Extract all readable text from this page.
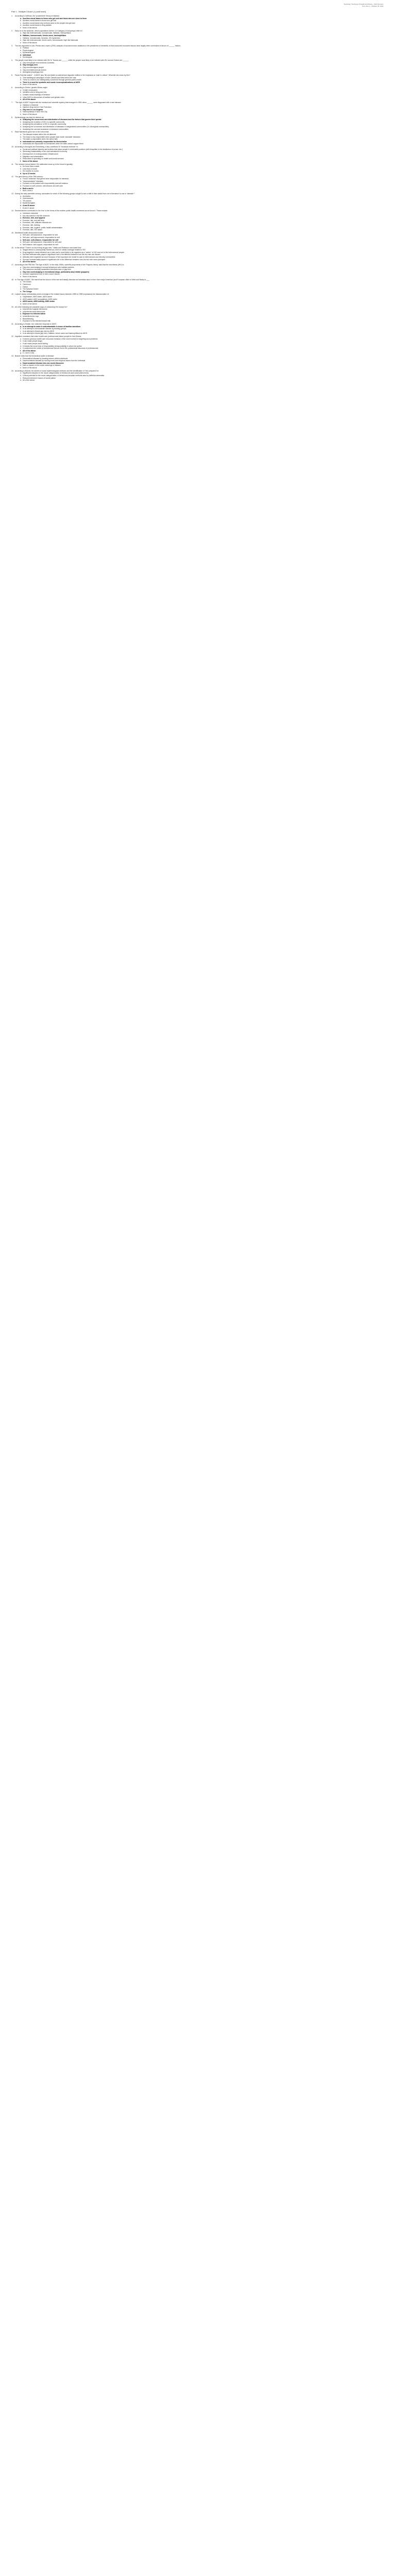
Sociology: Sociology of Health and Illness - Quiz Answers
Term Test 1 - October 25, 2016
Part 1 - Multiple Choice (1 point each)
1.	According to Goffman, the 'punishment' theory of disease:
a. Ascribes moral blame to those who get sick and those who are close to them
b. Ascribes moral blame to those who get sick
c. Ascribes moral blame only to those close to the people who get sick
d. Ascribes moral blame to drug addicts
e. None of the above
2.	Early on in the epidemic, which populations did the 4-H category of risk groups refer to?
a. High risk heterosexuals, homosexuals, Haitians, Hemophiliacs
b. Haitians, homosexuals, heroin users, haemophiliacs
c. Haitians, homosexuals, heroines, HIV epidemics
d. High risk heterosexuals, heroin users, homosexuals, high risk bisexuals
e. None of the above
3.	The key argument in Link, Phelan and Lewis's (2001) analysis of socioeconomic variations in the prevalence of dementia, is that social and economic factors have largely been overlooked in favour of ______ factors
a. Political
b. Psychological
c. Epidemiological
d. Individual
e. Sociological
4.	The people most likely to be infected with HIV in Toronto are ______ while the people most likely to be infected with HIV across Ontario are ______
a. Gay men/people from endemic countries
b. Gay men/gay men
c. Gay men/Aboriginal people
d. Gay men/heterosexual women
e. Aboriginal people/gay men
5.	Paula Treichler stated "...if AIDS' (sic) 'life and death is material and linguistic entities in the emphasis on 'dual' is critical." What did she mean by this?
a. That multilingual campaigns in both Canada and West Africa are vital
b. There is a need to be inadequately concerned through general public health
c. There is a need for symbolic and social reconceptualizations of AIDS
d. None of the above
6.	According to Dreher, genetic illness might:
a. Create moral panic
b. Identifies who is living and who
c. Creates moral readings of behavior
d. Links AIDS to discourses of tradition and gender roles
e. All of the above
7.	"The Age of AIDS" begins with the medical and scientific mystery that emerged in 1981 when ______ were diagnosed with a rare disease.
a. Haitians in Montreal
b. Injection drug users in San Francisco
c. Gay men in Los Angeles
d. Haemophiliacs in New York City
e. None of the above
8.	Epidemiology can best be defined as:
a. Analysing the occurrence and distribution of diseases and the factors that govern their spread
b. Analysing the evolution of HIV in a specific community
c. Analysing the prevalence of HIV in a specific community
d. Analysing the occurrence and distribution of diseases in marginalized communities (i.e. Aboriginal communities)
e. Analysing the cost and avoidance of diseased communities
9.	Race Narratives gave rise to the notion that:
a. The disease existed within the old ailments
b. The body is only responsible when people have made 'ulcerable' decisions
c. The state is responsible when the nation fails
d. Individuals are primarily responsible for illness/value
e. Individuals are responsible for themselves when the state cannot support them
10. According to Bourgois and Schonberg, a key contributor to "structural violence" is:
a. Social and political histories and policies that place people in vulnerable positions (with inequities in the distribution of power, etc.)
b. Stemming sustainability of the rural subsistence economy
c. Development of a transportation infrastructure
d. Migration and urbanization
e. Reductions in spending on health and social services
f. None of the above
11. The 'window' period before HIV antibodies show up in the blood is typically:
a. No more than a week
b. Less than a month
c. Six months to a year
d. Up to 12 weeks
12. The germ theory of the 19th century:
a. Found "evidence" that germs were responsible for diseases
b. "depersonalized" diseases
c. Focused on the patient with responsibility and self-reliance
d. Focused on self-concern, self-reliance and self-care
e. Both a and b
f. Both c and d
13. During the early twentieth century, advocates for which of the following groups sought to see a shift in their status from one of deviance to one of 'disease'?
a. Alcoholics
b. Homosexuals
c. TB carriers
d. Epidemiologists
e. A and B above
f. B and C above
14. Several factors contributed to the 'rise' to the forms of the modern public health movement as we know it. These include:
a. Increases Industrial
b. Key discoveries in the life sciences
c. Exercise, diet, and hygiene
d. Exercise, diet, and self-help
e. Exercises, diet, attitudes towards sex
f. Exercise, diet, bathing
g. Exercise, diet, hygiene, public health administration
h. Exercise, diet, HIV status
15. Neoliberal health discourses include:
a. Self-care, self-assurance, responsible for self
b. Self-care, self-improvement, responsible for self
c. Self-care, self-reliance, responsible for self
d. Self-care, self-assurance, responsible for self-care
e. Self-reliance, self-support, responsible for self
16. In the article "There's no such thing as gay men," Watts and Robinson concluded that:
a. Stages ethnic is consequently framed as a term in media coverage related to HIV
b. Drug tragedy is rarely reframed as a crisis and is more likely to be regarded as a "carrier" of HIV and not to the heterosexual people
c. Survival heterosexuals played a significant role in the different between how the two men are framed
d. Attitudes were regarded as more because of the important role model he was to heterosexual and minority communities
e. Survival homosexuality played a significant role in the difference between how the two men were portrayed
f. All of the above
17. According to the PBS film 'The Age of AIDS,' in the early 1980s, scientific proponents of the 'Poppers theory' said that the new illness (HIV) is:
a. Gay men overindulging in sexual behaviours with multiple partners
b. The numerous sexually transmitted infections seen in gay men
c. Gay men overindulging in recreational drugs, particularly amyl nitrate (poppers)
d. Immune suppression due to both a and b above
e. None of the above
18. In 'The Age of AIDS,' We learnt that the source of the rare and deadly infection led scientists back in time, from major American (and European cities to West and finally to ___
a. The Sudan
b. Cameroon
c. Gabon
d. The Saharan Desert
e. The Congo
19. Lupton's study of Australian press coverage of the related issues between 1985 to 1998 emphasizes the disassociation of:
a. Gay/lesbian, AIDS victim, AIDS carrier
b. AIDS patient, AIDS sympathizer, AIDS victim
c. AIDS carrier, AIDS activity, AIDS victim
d. None of the above
20. All of the following are plausible ways of contracting HIV except for?
a. Unprotected vaginal intercourse
b. Unprotected anal intercourse
c. Exposure to infected saliva
d. Unsterilized sex toys
e. Breastfeeding
f. Exposure to the infected breast milk
21. According to Shaller, the 'collective response to AIDS':
a. Is an attempt to make it understandable in terms of familiar narratives
b. Is an attempt to demonstrate disease by blaming groups
c. Is an attempt to blame gay men for AIDS
d. Is an attempt to blame gay men, Haitians, heroin users and haemophiliacs for AIDS
22. Kapellner maintains that when health care professionals blame people for their illness:
a. It seems previous health care resources because of the work involved in targeting such problems
b. It can make people angry
c. It can make people avoid testing
d. It reveals the moral tone of responsibility (irresponsibility) in which the author
e. It undermines the notion of beneficence that we find in the professional discourse of professionals
f. All of the above
g. b, c and d only
23. Brandt notes that the biomedical model of disease:
a. Personalized disease by locating lesions within individuals
b. Depersonalized disease by moving moral and religious issues from the individual
c. Depersonalized disease into one moral discourse
d. Had no impact on the social meanings of disease
e. None of the above
24. According to Brandt, the advent of social epidemiological methods and the identification of 'risk' prepared for:
a. Significant reduction in the moral categorization of behaviours and social phenomena
b. Critical potential for the moral categorization of behaviours because methods were by definition amenable
c. Reduced interest in issues of social justice
d. All of the above
